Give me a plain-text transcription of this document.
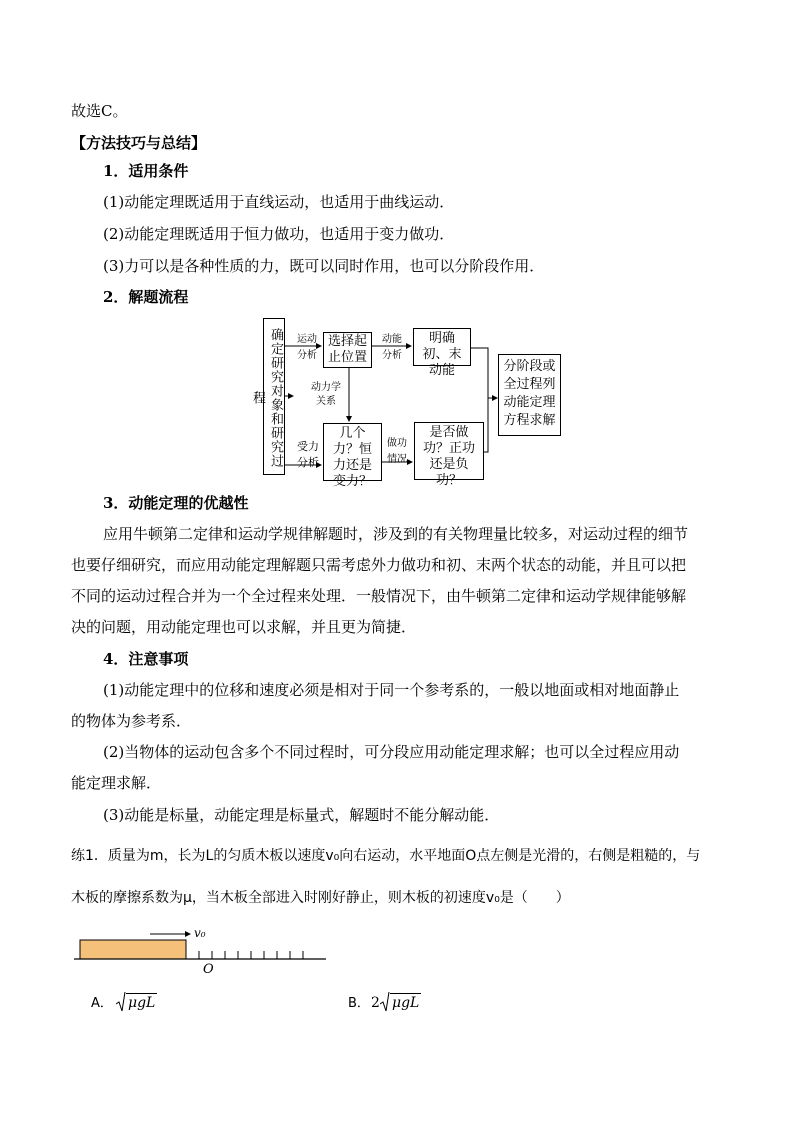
故选C。
【方法技巧与总结】
1．适用条件
(1)动能定理既适用于直线运动，也适用于曲线运动．
(2)动能定理既适用于恒力做功，也适用于变力做功．
(3)力可以是各种性质的力，既可以同时作用，也可以分阶段作用．
2．解题流程
确定研究对象和研究过程
运动
分析
选择起止位置
动能
分析
明确初、末动能
动力学
关系
受力
分析
几个力？恒力还是变力？
做功
情况
是否做功？正功还是负功？
分阶段或全过程列动能定理方程求解
3．动能定理的优越性
应用牛顿第二定律和运动学规律解题时，涉及到的有关物理量比较多，对运动过程的细节
也要仔细研究，而应用动能定理解题只需考虑外力做功和初、末两个状态的动能，并且可以把
不同的运动过程合并为一个全过程来处理．一般情况下，由牛顿第二定律和运动学规律能够解
决的问题，用动能定理也可以求解，并且更为简捷．
4．注意事项
(1)动能定理中的位移和速度必须是相对于同一个参考系的，一般以地面或相对地面静止
的物体为参考系．
(2)当物体的运动包含多个不同过程时，可分段应用动能定理求解；也可以全过程应用动
能定理求解．
(3)动能是标量，动能定理是标量式，解题时不能分解动能．
练1．质量为m，长为L的匀质木板以速度v₀向右运动，水平地面O点左侧是光滑的，右侧是粗糙的，与
木板的摩擦系数为μ，当木板全部进入时刚好静止，则木板的初速度v₀是（　　）
v₀
O
A． μgL	B． 2 μgL
